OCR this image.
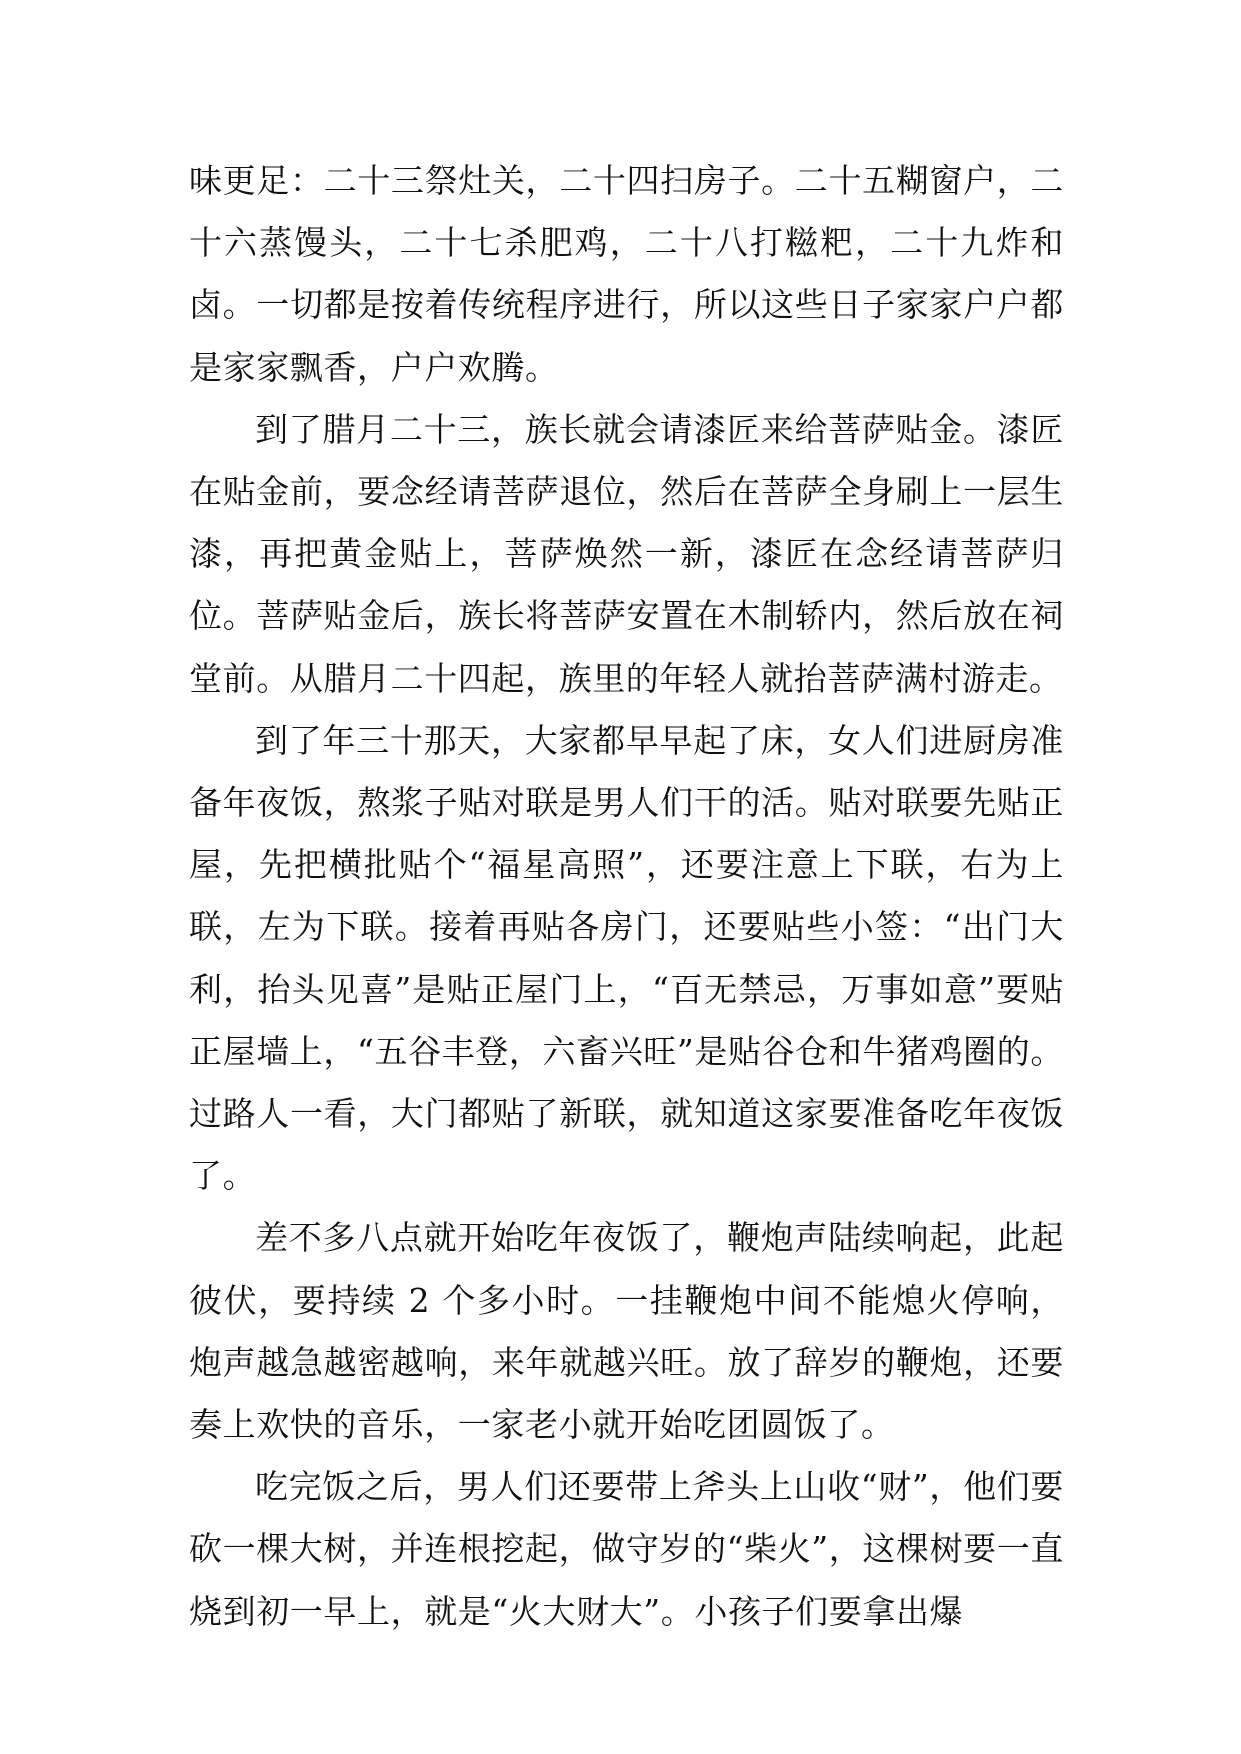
味更足：二十三祭灶关，二十四扫房子。二十五糊窗户，二十六蒸馒头，二十七杀肥鸡，二十八打糍粑，二十九炸和卤。一切都是按着传统程序进行，所以这些日子家家户户都是家家飘香，户户欢腾。

到了腊月二十三，族长就会请漆匠来给菩萨贴金。漆匠在贴金前，要念经请菩萨退位，然后在菩萨全身刷上一层生漆，再把黄金贴上，菩萨焕然一新，漆匠在念经请菩萨归位。菩萨贴金后，族长将菩萨安置在木制轿内，然后放在祠堂前。从腊月二十四起，族里的年轻人就抬菩萨满村游走。

到了年三十那天，大家都早早起了床，女人们进厨房准备年夜饭，熬浆子贴对联是男人们干的活。贴对联要先贴正屋，先把横批贴个“福星高照”，还要注意上下联，右为上联，左为下联。接着再贴各房门，还要贴些小签：“出门大利，抬头见喜”是贴正屋门上，“百无禁忌，万事如意”要贴正屋墙上，“五谷丰登，六畜兴旺”是贴谷仓和牛猪鸡圈的。过路人一看，大门都贴了新联，就知道这家要准备吃年夜饭了。

差不多八点就开始吃年夜饭了，鞭炮声陆续响起，此起彼伏，要持续 2 个多小时。一挂鞭炮中间不能熄火停响，炮声越急越密越响，来年就越兴旺。放了辞岁的鞭炮，还要奏上欢快的音乐，一家老小就开始吃团圆饭了。

吃完饭之后，男人们还要带上斧头上山收“财”，他们要砍一棵大树，并连根挖起，做守岁的“柴火”，这棵树要一直烧到初一早上，就是“火大财大”。小孩子们要拿出爆
